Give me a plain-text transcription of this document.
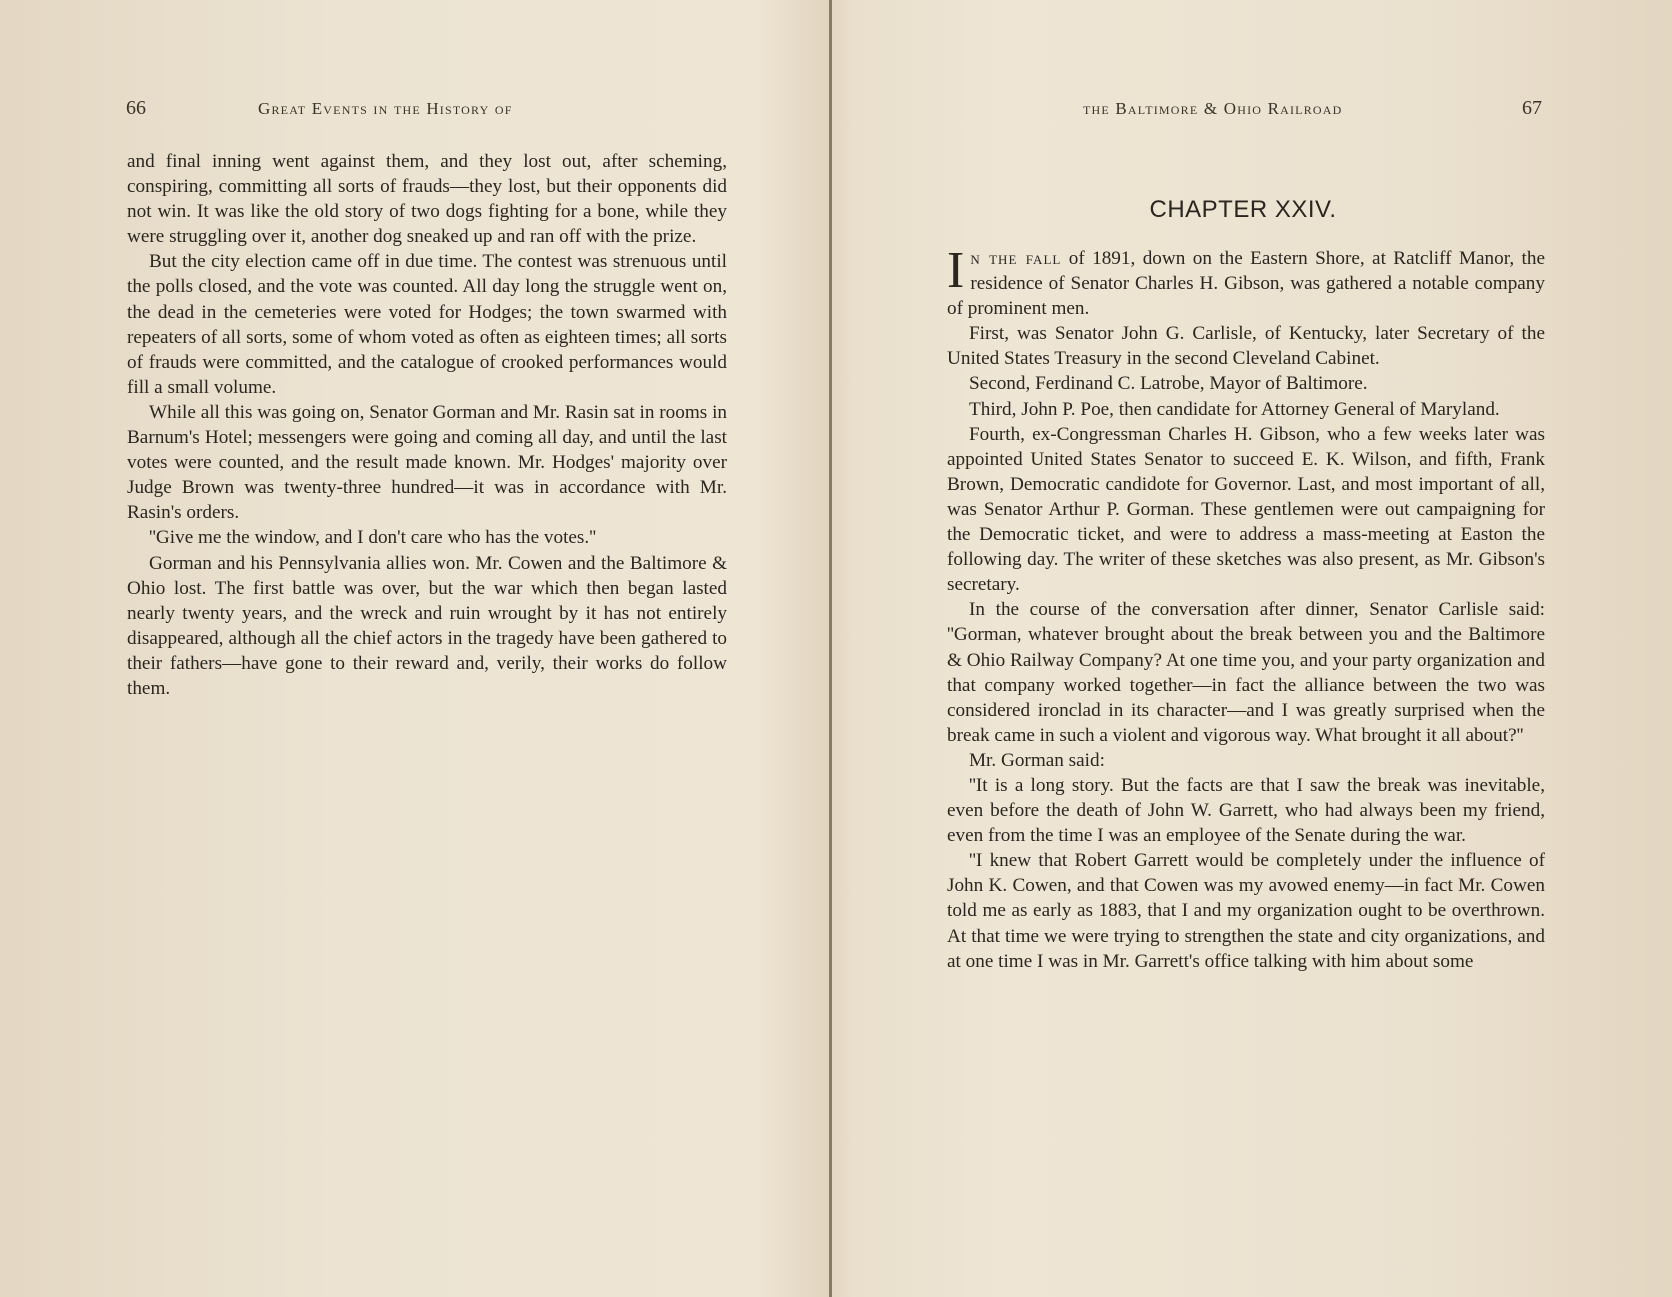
66	Great Events in the History of

and final inning went against them, and they lost out, after scheming, conspiring, committing all sorts of frauds—they lost, but their opponents did not win. It was like the old story of two dogs fighting for a bone, while they were struggling over it, another dog sneaked up and ran off with the prize.

But the city election came off in due time. The contest was strenuous until the polls closed, and the vote was counted. All day long the struggle went on, the dead in the cemeteries were voted for Hodges; the town swarmed with repeaters of all sorts, some of whom voted as often as eighteen times; all sorts of frauds were committed, and the catalogue of crooked performances would fill a small volume.

While all this was going on, Senator Gorman and Mr. Rasin sat in rooms in Barnum's Hotel; messengers were going and coming all day, and until the last votes were counted, and the result made known. Mr. Hodges' majority over Judge Brown was twenty-three hundred—it was in accordance with Mr. Rasin's orders.

''Give me the window, and I don't care who has the votes.''

Gorman and his Pennsylvania allies won. Mr. Cowen and the Baltimore & Ohio lost. The first battle was over, but the war which then began lasted nearly twenty years, and the wreck and ruin wrought by it has not entirely disappeared, although all the chief actors in the tragedy have been gathered to their fathers—have gone to their reward and, verily, their works do follow them.

the Baltimore & Ohio Railroad	67
CHAPTER XXIV.

In the fall of 1891, down on the Eastern Shore, at Ratcliff Manor, the residence of Senator Charles H. Gibson, was gathered a notable company of prominent men.

First, was Senator John G. Carlisle, of Kentucky, later Secretary of the United States Treasury in the second Cleveland Cabinet.

Second, Ferdinand C. Latrobe, Mayor of Baltimore.

Third, John P. Poe, then candidate for Attorney General of Maryland.

Fourth, ex-Congressman Charles H. Gibson, who a few weeks later was appointed United States Senator to succeed E. K. Wilson, and fifth, Frank Brown, Democratic candidote for Governor. Last, and most important of all, was Senator Arthur P. Gorman. These gentlemen were out campaigning for the Democratic ticket, and were to address a mass-meeting at Easton the following day. The writer of these sketches was also present, as Mr. Gibson's secretary.

In the course of the conversation after dinner, Senator Carlisle said: ''Gorman, whatever brought about the break between you and the Baltimore & Ohio Railway Company? At one time you, and your party organization and that company worked together—in fact the alliance between the two was considered ironclad in its character—and I was greatly surprised when the break came in such a violent and vigorous way. What brought it all about?''

Mr. Gorman said:

''It is a long story. But the facts are that I saw the break was inevitable, even before the death of John W. Garrett, who had always been my friend, even from the time I was an employee of the Senate during the war.

''I knew that Robert Garrett would be completely under the influence of John K. Cowen, and that Cowen was my avowed enemy—in fact Mr. Cowen told me as early as 1883, that I and my organization ought to be overthrown. At that time we were trying to strengthen the state and city organizations, and at one time I was in Mr. Garrett's office talking with him about some
